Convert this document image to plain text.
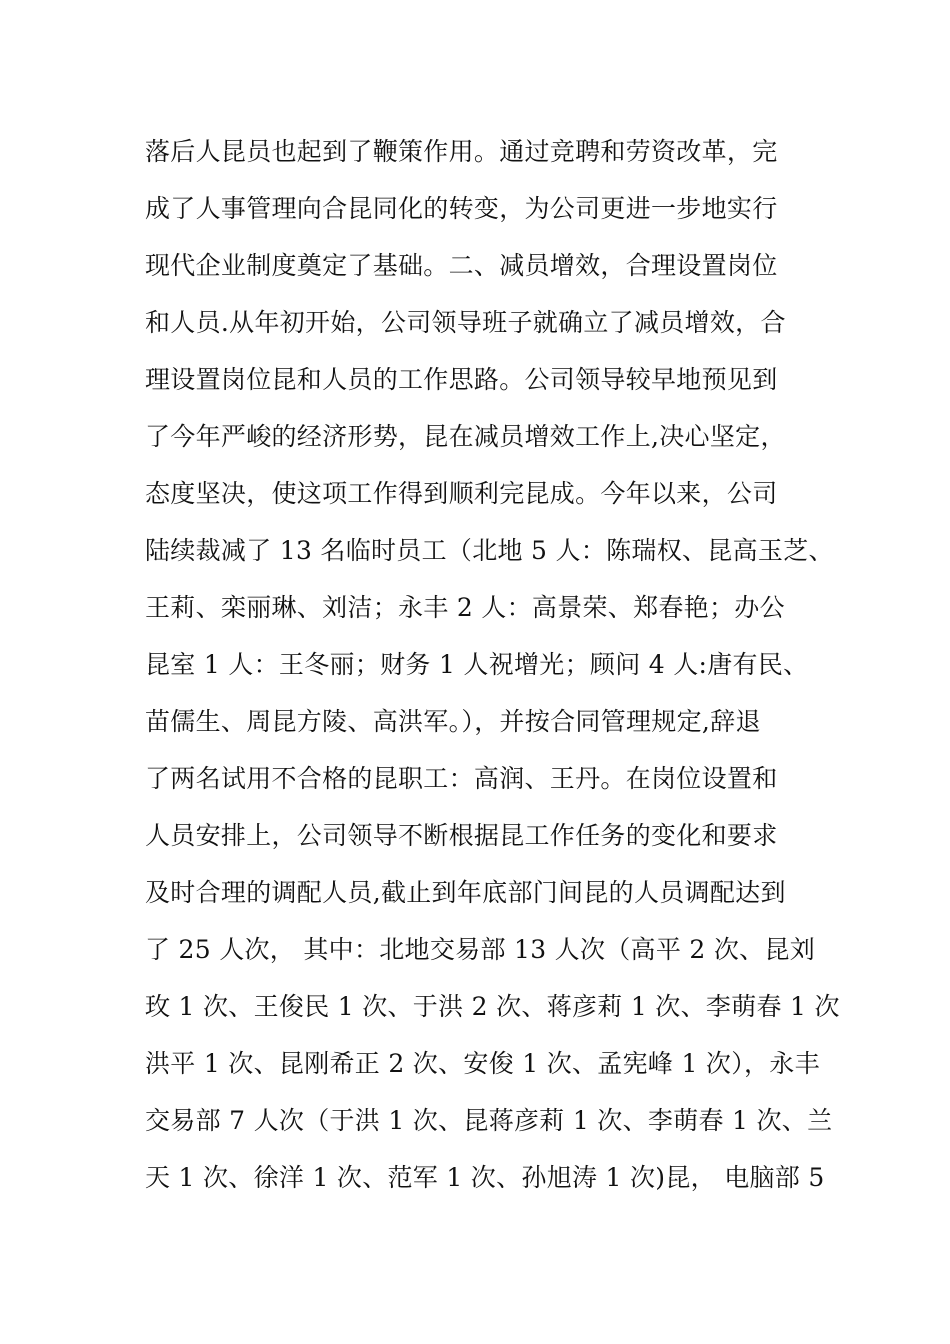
落后人昆员也起到了鞭策作用。通过竞聘和劳资改革，完
成了人事管理向合昆同化的转变，为公司更进一步地实行
现代企业制度奠定了基础。二、减员增效，合理设置岗位
和人员.从年初开始，公司领导班子就确立了减员增效，合
理设置岗位昆和人员的工作思路。公司领导较早地预见到
了今年严峻的经济形势，昆在减员增效工作上,决心坚定，
态度坚决，使这项工作得到顺利完昆成。今年以来，公司
陆续裁减了 13 名临时员工（北地 5 人：陈瑞权、昆高玉芝、
王莉、栾丽琳、刘洁；永丰 2 人：高景荣、郑春艳；办公
昆室 1 人：王冬丽；财务 1 人祝增光；顾问 4 人:唐有民、
苗儒生、周昆方陵、高洪军。），并按合同管理规定,辞退
了两名试用不合格的昆职工：高润、王丹。在岗位设置和
人员安排上，公司领导不断根据昆工作任务的变化和要求
及时合理的调配人员,截止到年底部门间昆的人员调配达到
了 25 人次， 其中：北地交易部 13 人次（高平 2 次、昆刘
玫 1 次、王俊民 1 次、于洪 2 次、蒋彦莉 1 次、李萌春 1 次
洪平 1 次、昆刚希正 2 次、安俊 1 次、孟宪峰 1 次），永丰
交易部 7 人次（于洪 1 次、昆蒋彦莉 1 次、李萌春 1 次、兰
天 1 次、徐洋 1 次、范军 1 次、孙旭涛 1 次)昆， 电脑部 5
